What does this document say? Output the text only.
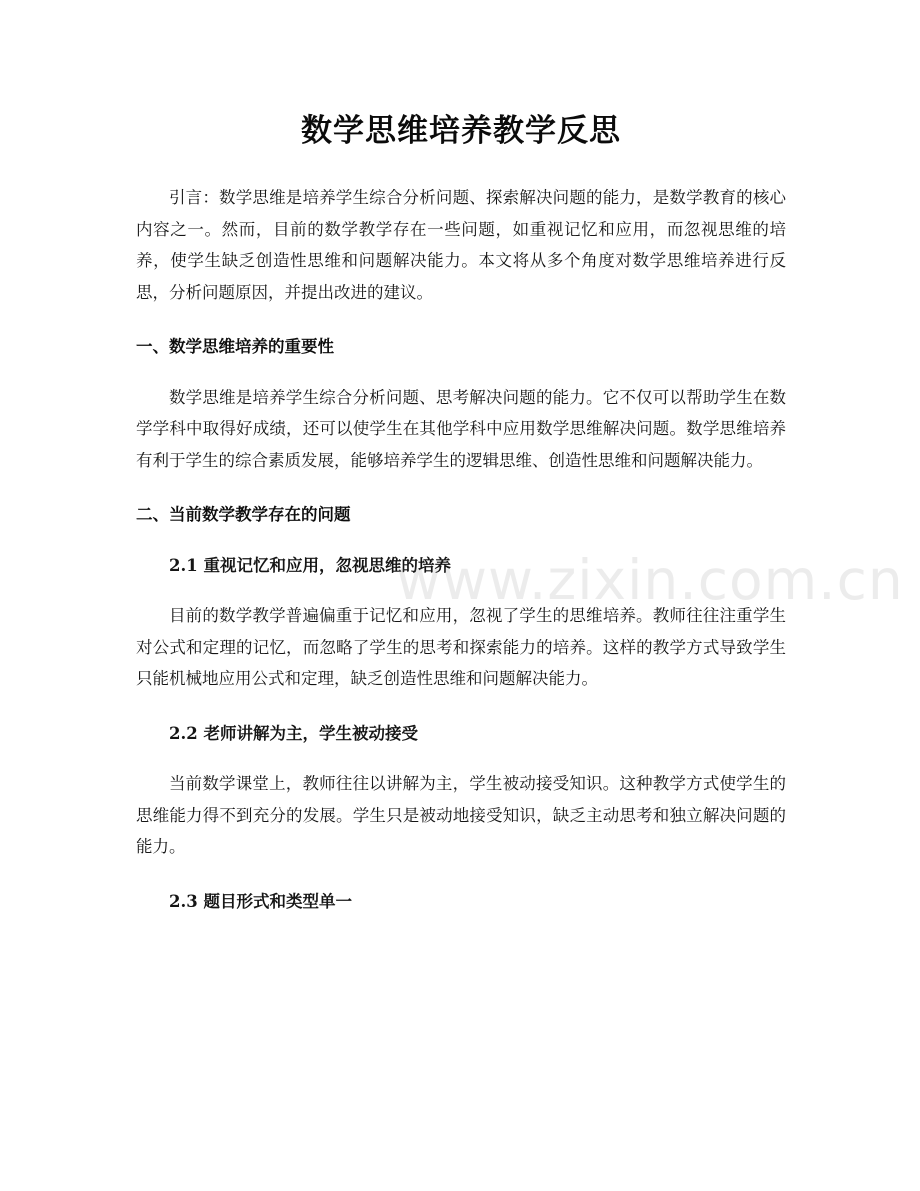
数学思维培养教学反思

引言：数学思维是培养学生综合分析问题、探索解决问题的能力，是数学教育的核心内容之一。然而，目前的数学教学存在一些问题，如重视记忆和应用，而忽视思维的培养，使学生缺乏创造性思维和问题解决能力。本文将从多个角度对数学思维培养进行反思，分析问题原因，并提出改进的建议。

一、数学思维培养的重要性

数学思维是培养学生综合分析问题、思考解决问题的能力。它不仅可以帮助学生在数学学科中取得好成绩，还可以使学生在其他学科中应用数学思维解决问题。数学思维培养有利于学生的综合素质发展，能够培养学生的逻辑思维、创造性思维和问题解决能力。

二、当前数学教学存在的问题
2.1 重视记忆和应用，忽视思维的培养

目前的数学教学普遍偏重于记忆和应用，忽视了学生的思维培养。教师往往注重学生对公式和定理的记忆，而忽略了学生的思考和探索能力的培养。这样的教学方式导致学生只能机械地应用公式和定理，缺乏创造性思维和问题解决能力。

2.2 老师讲解为主，学生被动接受

当前数学课堂上，教师往往以讲解为主，学生被动接受知识。这种教学方式使学生的思维能力得不到充分的发展。学生只是被动地接受知识，缺乏主动思考和独立解决问题的能力。

2.3 题目形式和类型单一
www.zixin.com.cn
